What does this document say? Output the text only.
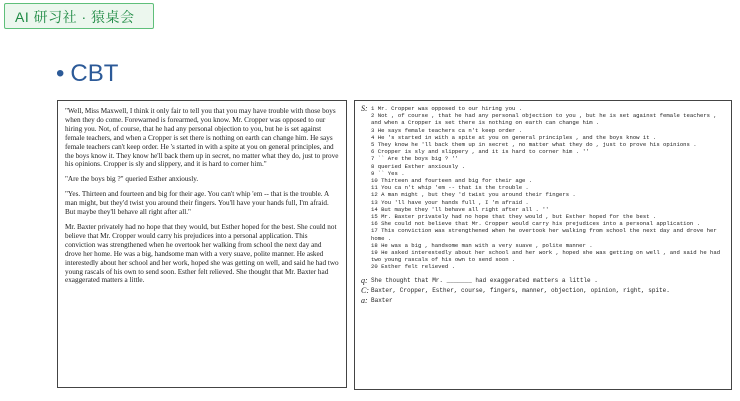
AI 研习社 · 猿桌会
• CBT

"Well, Miss Maxwell, I think it only fair to tell you that you may have trouble with those boys when they do come. Forewarned is forearmed, you know. Mr. Cropper was opposed to our hiring you. Not, of course, that he had any personal objection to you, but he is set against female teachers, and when a Cropper is set there is nothing on earth can change him. He says female teachers can't keep order. He 's started in with a spite at you on general principles, and the boys know it. They know he'll back them up in secret, no matter what they do, just to prove his opinions. Cropper is sly and slippery, and it is hard to corner him."

"Are the boys big ?" queried Esther anxiously.

"Yes. Thirteen and fourteen and big for their age. You can't whip 'em -- that is the trouble. A man might, but they'd twist you around their fingers. You'll have your hands full, I'm afraid. But maybe they'll behave all right after all."

Mr. Baxter privately had no hope that they would, but Esther hoped for the best. She could not believe that Mr. Cropper would carry his prejudices into a personal application. This conviction was strengthened when he overtook her walking from school the next day and drove her home. He was a big, handsome man with a very suave, polite manner. He asked interestedly about her school and her work, hoped she was getting on well, and said he had two young rascals of his own to send soon. Esther felt relieved. She thought that Mr. Baxter had exaggerated matters a little.

S: 1 Mr. Cropper was opposed to our hiring you .
2 Not , of course , that he had any personal objection to you , but he is set against female teachers , and when a Cropper is set there is nothing on earth can change him .
3 He says female teachers ca n't keep order .
4 He 's started in with a spite at you on general principles , and the boys know it .
5 They know he 'll back them up in secret , no matter what they do , just to prove his opinions .
6 Cropper is sly and slippery , and it is hard to corner him . ''
7 `` Are the boys big ? ''
8 queried Esther anxiously .
9 `` Yes .
10 Thirteen and fourteen and big for their age .
11 You ca n't whip 'em -- that is the trouble .
12 A man might , but they 'd twist you around their fingers .
13 You 'll have your hands full , I 'm afraid .
14 But maybe they 'll behave all right after all . ''
15 Mr. Baxter privately had no hope that they would , but Esther hoped for the best .
16 She could not believe that Mr. Cropper would carry his prejudices into a personal application .
17 This conviction was strengthened when he overtook her walking from school the next day and drove her home .
18 He was a big , handsome man with a very suave , polite manner .
19 He asked interestedly about her school and her work , hoped she was getting on well , and said he had two young rascals of his own to send soon .
20 Esther felt relieved .
q: She thought that Mr. _______ had exaggerated matters a little .
C: Baxter, Cropper, Esther, course, fingers, manner, objection, opinion, right, spite.
a: Baxter
